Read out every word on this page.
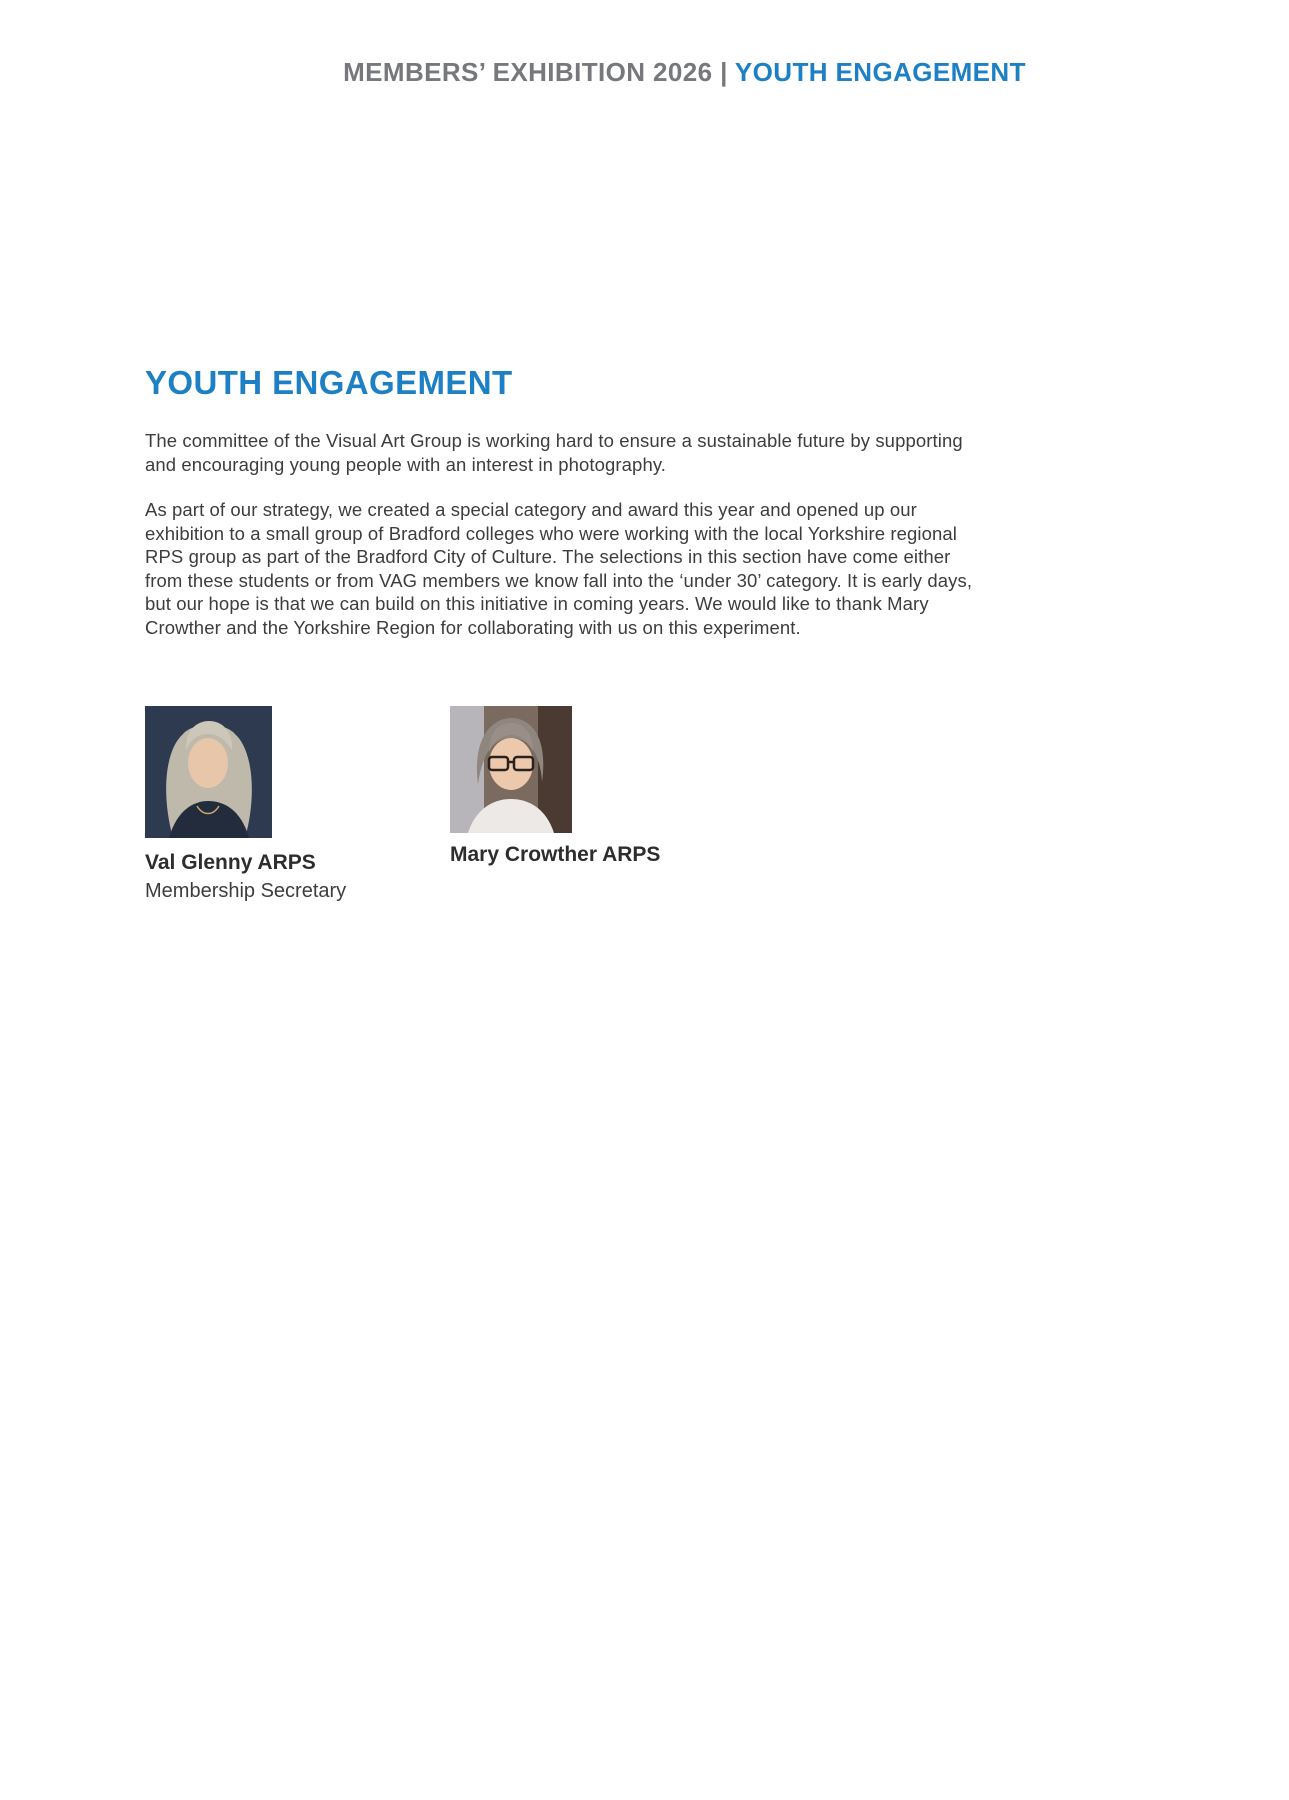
MEMBERS’ EXHIBITION 2026 | YOUTH ENGAGEMENT
YOUTH ENGAGEMENT

The committee of the Visual Art Group is working hard to ensure a sustainable future by supporting and encouraging young people with an interest in photography.

As part of our strategy, we created a special category and award this year and opened up our exhibition to a small group of Bradford colleges who were working with the local Yorkshire regional RPS group as part of the Bradford City of Culture. The selections in this section have come either from these students or from VAG members we know fall into the ‘under 30’ category. It is early days, but our hope is that we can build on this initiative in coming years. We would like to thank Mary Crowther and the Yorkshire Region for collaborating with us on this experiment.

Val Glenny ARPS
Membership Secretary
Mary Crowther ARPS
